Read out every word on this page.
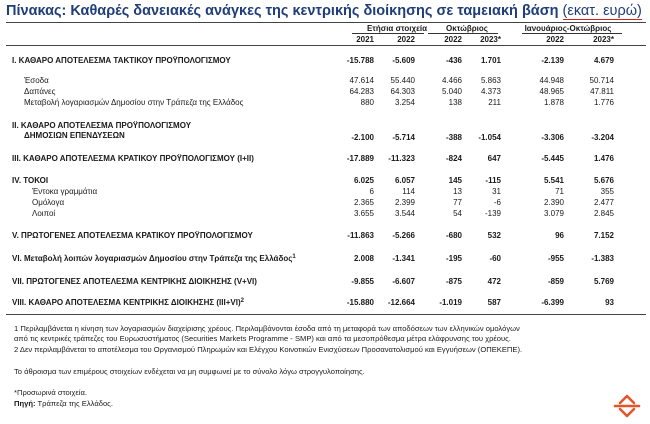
Πίνακας: Καθαρές δανειακές ανάγκες της κεντρικής διοίκησης σε ταμειακή βάση (εκατ. ευρώ)
Ετήσια στοιχεία	Οκτώβριος	Ιανουάριος-Οκτώβριος
2021	2022	2022	2023*	2022	2023*
I. ΚΑΘΑΡΟ ΑΠΟΤΕΛΕΣΜΑ ΤΑΚΤΙΚΟΥ ΠΡΟΫΠΟΛΟΓΙΣΜΟΥ	-15.788	-5.609	-436	1.701	-2.139	4.679
Έσοδα	47.614	55.440	4.466	5.863	44.948	50.714
Δαπάνες	64.283	64.303	5.040	4.373	48.965	47.811
Μεταβολή λογαριασμών Δημοσίου στην Τράπεζα της Ελλάδος	880	3.254	138	211	1.878	1.776
II. ΚΑΘΑΡΟ ΑΠΟΤΕΛΕΣΜΑ ΠΡΟΫΠΟΛΟΓΙΣΜΟΥ
ΔΗΜΟΣΙΩΝ ΕΠΕΝΔΥΣΕΩΝ	-2.100	-5.714	-388	-1.054	-3.306	-3.204
III. ΚΑΘΑΡΟ ΑΠΟΤΕΛΕΣΜΑ ΚΡΑΤΙΚΟΥ ΠΡΟΫΠΟΛΟΓΙΣΜΟΥ (I+II)	-17.889	-11.323	-824	647	-5.445	1.476
IV. ΤΟΚΟΙ	6.025	6.057	145	-115	5.541	5.676
Έντοκα γραμμάτια	6	114	13	31	71	355
Ομόλογα	2.365	2.399	77	-6	2.390	2.477
Λοιποί	3.655	3.544	54	-139	3.079	2.845
V. ΠΡΩΤΟΓΕΝΕΣ ΑΠΟΤΕΛΕΣΜΑ ΚΡΑΤΙΚΟΥ ΠΡΟΫΠΟΛΟΓΙΣΜΟΥ	-11.863	-5.266	-680	532	96	7.152
VI. Μεταβολή λοιπών λογαριασμών Δημοσίου στην Τράπεζα της Ελλάδος$^1$	2.008	-1.341	-195	-60	-955	-1.383
VII. ΠΡΩΤΟΓΕΝΕΣ ΑΠΟΤΕΛΕΣΜΑ ΚΕΝΤΡΙΚΗΣ ΔΙΟΙΚΗΣΗΣ (V+VI)	-9.855	-6.607	-875	472	-859	5.769
VIII. ΚΑΘΑΡΟ ΑΠΟΤΕΛΕΣΜΑ ΚΕΝΤΡΙΚΗΣ ΔΙΟΙΚΗΣΗΣ $(III+VI)^2$	-15.880	-12.664	-1.019	587	-6.399	93
1 Περιλαμβάνεται η κίνηση των λογαριασμών διαχείρισης χρέους. Περιλαμβάνονται έσοδα από τη μεταφορά των αποδόσεων των ελληνικών ομολόγων
από τις κεντρικές τράπεζες του Ευρωσυστήματος (Securities Markets Programme - SMP) και από τα μεσοπρόθεσμα μέτρα ελάφρυνσης του χρέους.
2 Δεν περιλαμβάνεται το αποτέλεσμα του Οργανισμού Πληρωμών και Ελέγχου Κοινοτικών Ενισχύσεων Προσανατολισμού και Εγγυήσεων (ΟΠΕΚΕΠΕ).
Το άθροισμα των επιμέρους στοιχείων ενδέχεται να μη συμφωνεί με το σύνολο λόγω στρογγυλοποίησης.
*Προσωρινά στοιχεία.
Πηγή: Τράπεζα της Ελλάδος.
